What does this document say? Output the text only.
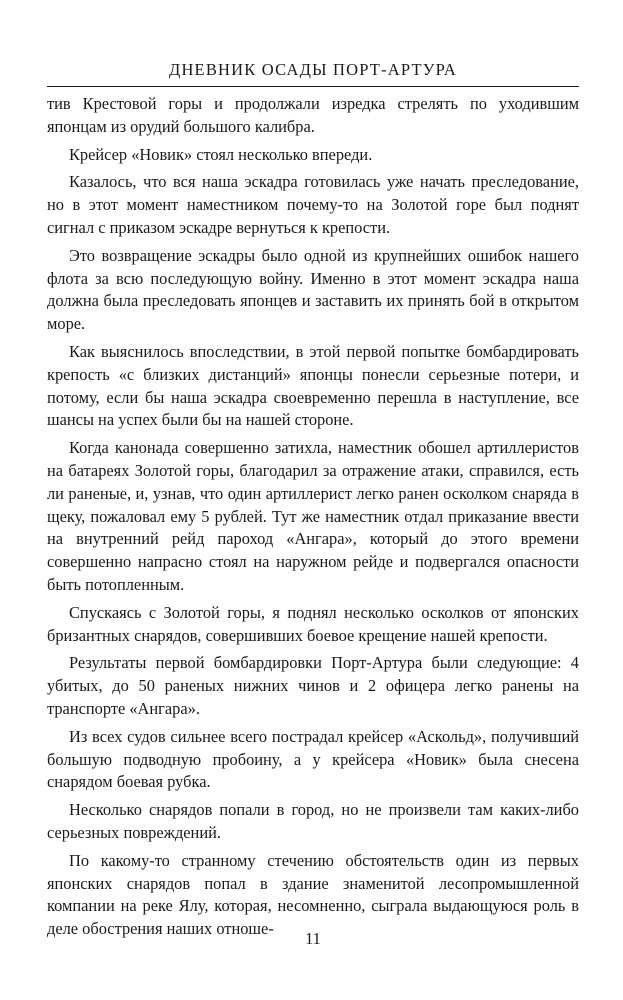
ДНЕВНИК ОСАДЫ ПОРТ-АРТУРА

тив Крестовой горы и продолжали изредка стрелять по уходившим японцам из орудий большого калибра.

Крейсер «Новик» стоял несколько впереди.

Казалось, что вся наша эскадра готовилась уже начать преследование, но в этот момент наместником почему-то на Золотой горе был поднят сигнал с приказом эскадре вернуться к крепости.

Это возвращение эскадры было одной из крупнейших ошибок нашего флота за всю последующую войну. Именно в этот момент эскадра наша должна была преследовать японцев и заставить их принять бой в открытом море.

Как выяснилось впоследствии, в этой первой попытке бомбардировать крепость «с близких дистанций» японцы понесли серьезные потери, и потому, если бы наша эскадра своевременно перешла в наступление, все шансы на успех были бы на нашей стороне.

Когда канонада совершенно затихла, наместник обошел артиллеристов на батареях Золотой горы, благодарил за отражение атаки, справился, есть ли раненые, и, узнав, что один артиллерист легко ранен осколком снаряда в щеку, пожаловал ему 5 рублей. Тут же наместник отдал приказание ввести на внутренний рейд пароход «Ангара», который до этого времени совершенно напрасно стоял на наружном рейде и подвергался опасности быть потопленным.

Спускаясь с Золотой горы, я поднял несколько осколков от японских бризантных снарядов, совершивших боевое крещение нашей крепости.

Результаты первой бомбардировки Порт-Артура были следующие: 4 убитых, до 50 раненых нижних чинов и 2 офицера легко ранены на транспорте «Ангара».

Из всех судов сильнее всего пострадал крейсер «Аскольд», получивший большую подводную пробоину, а у крейсера «Новик» была снесена снарядом боевая рубка.

Несколько снарядов попали в город, но не произвели там каких-либо серьезных повреждений.

По какому-то странному стечению обстоятельств один из первых японских снарядов попал в здание знаменитой лесопромышленной компании на реке Ялу, которая, несомненно, сыграла выдающуюся роль в деле обострения наших отноше-

11
